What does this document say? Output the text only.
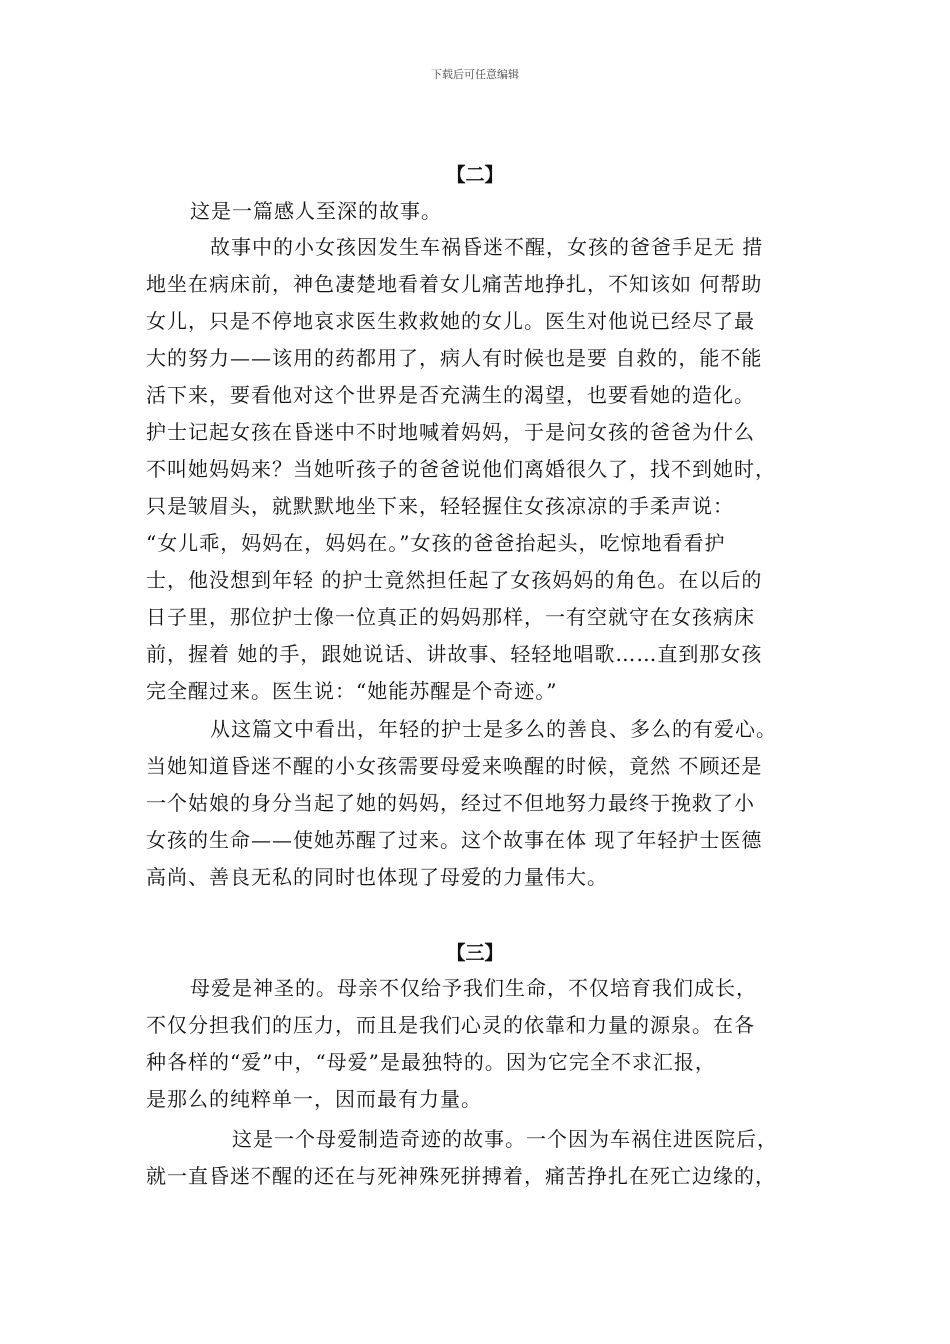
下载后可任意编辑
【二】
这是一篇感人至深的故事。
故事中的小女孩因发生车祸昏迷不醒，女孩的爸爸手足无 措
地坐在病床前，神色凄楚地看着女儿痛苦地挣扎，不知该如 何帮助
女儿，只是不停地哀求医生救救她的女儿。医生对他说已经尽了最
大的努力——该用的药都用了，病人有时候也是要 自救的，能不能
活下来，要看他对这个世界是否充满生的渴望，也要看她的造化。
护士记起女孩在昏迷中不时地喊着妈妈，于是问女孩的爸爸为什么
不叫她妈妈来？当她听孩子的爸爸说他们离婚很久了，找不到她时，
只是皱眉头，就默默地坐下来，轻轻握住女孩凉凉的手柔声说：
“女儿乖，妈妈在，妈妈在。”女孩的爸爸抬起头，吃惊地看看护
士，他没想到年轻 的护士竟然担任起了女孩妈妈的角色。在以后的
日子里，那位护士像一位真正的妈妈那样，一有空就守在女孩病床
前，握着 她的手，跟她说话、讲故事、轻轻地唱歌……直到那女孩
完全醒过来。医生说：“她能苏醒是个奇迹。”
从这篇文中看出，年轻的护士是多么的善良、多么的有爱心。
当她知道昏迷不醒的小女孩需要母爱来唤醒的时候，竟然 不顾还是
一个姑娘的身分当起了她的妈妈，经过不但地努力最终于挽救了小
女孩的生命——使她苏醒了过来。这个故事在体 现了年轻护士医德
高尚、善良无私的同时也体现了母爱的力量伟大。
【三】
母爱是神圣的。母亲不仅给予我们生命，不仅培育我们成长，
不仅分担我们的压力，而且是我们心灵的依靠和力量的源泉。在各
种各样的“爱”中，“母爱”是最独特的。因为它完全不求汇报，
是那么的纯粹单一，因而最有力量。
这是一个母爱制造奇迹的故事。一个因为车祸住进医院后，
就一直昏迷不醒的还在与死神殊死拼搏着，痛苦挣扎在死亡边缘的，
